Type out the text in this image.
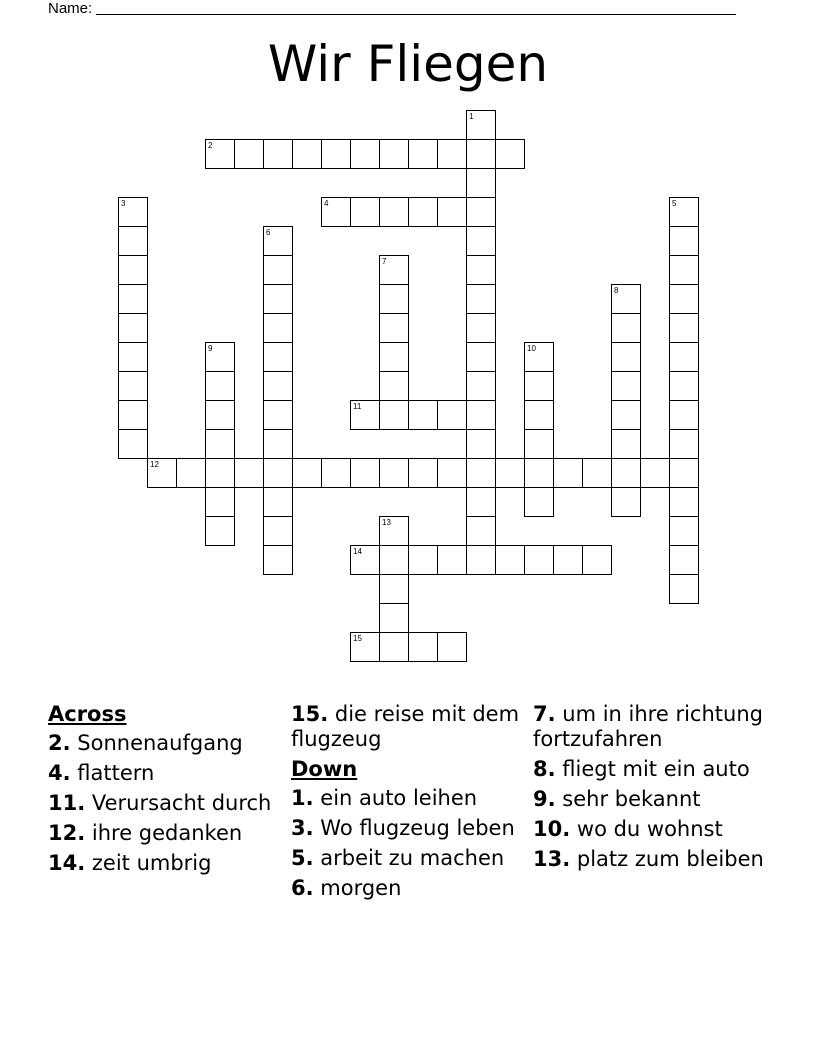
Name:
Wir Fliegen
1
2
3	4	5
6
7
8
9	10
11
12
13
14
15
Across
2. Sonnenaufgang
4. flattern
11. Verursacht durch
12. ihre gedanken
14. zeit umbrig
15. die reise mit dem flugzeug
Down
1. ein auto leihen
3. Wo flugzeug leben
5. arbeit zu machen
6. morgen
7. um in ihre richtung fortzufahren
8. fliegt mit ein auto
9. sehr bekannt
10. wo du wohnst
13. platz zum bleiben
